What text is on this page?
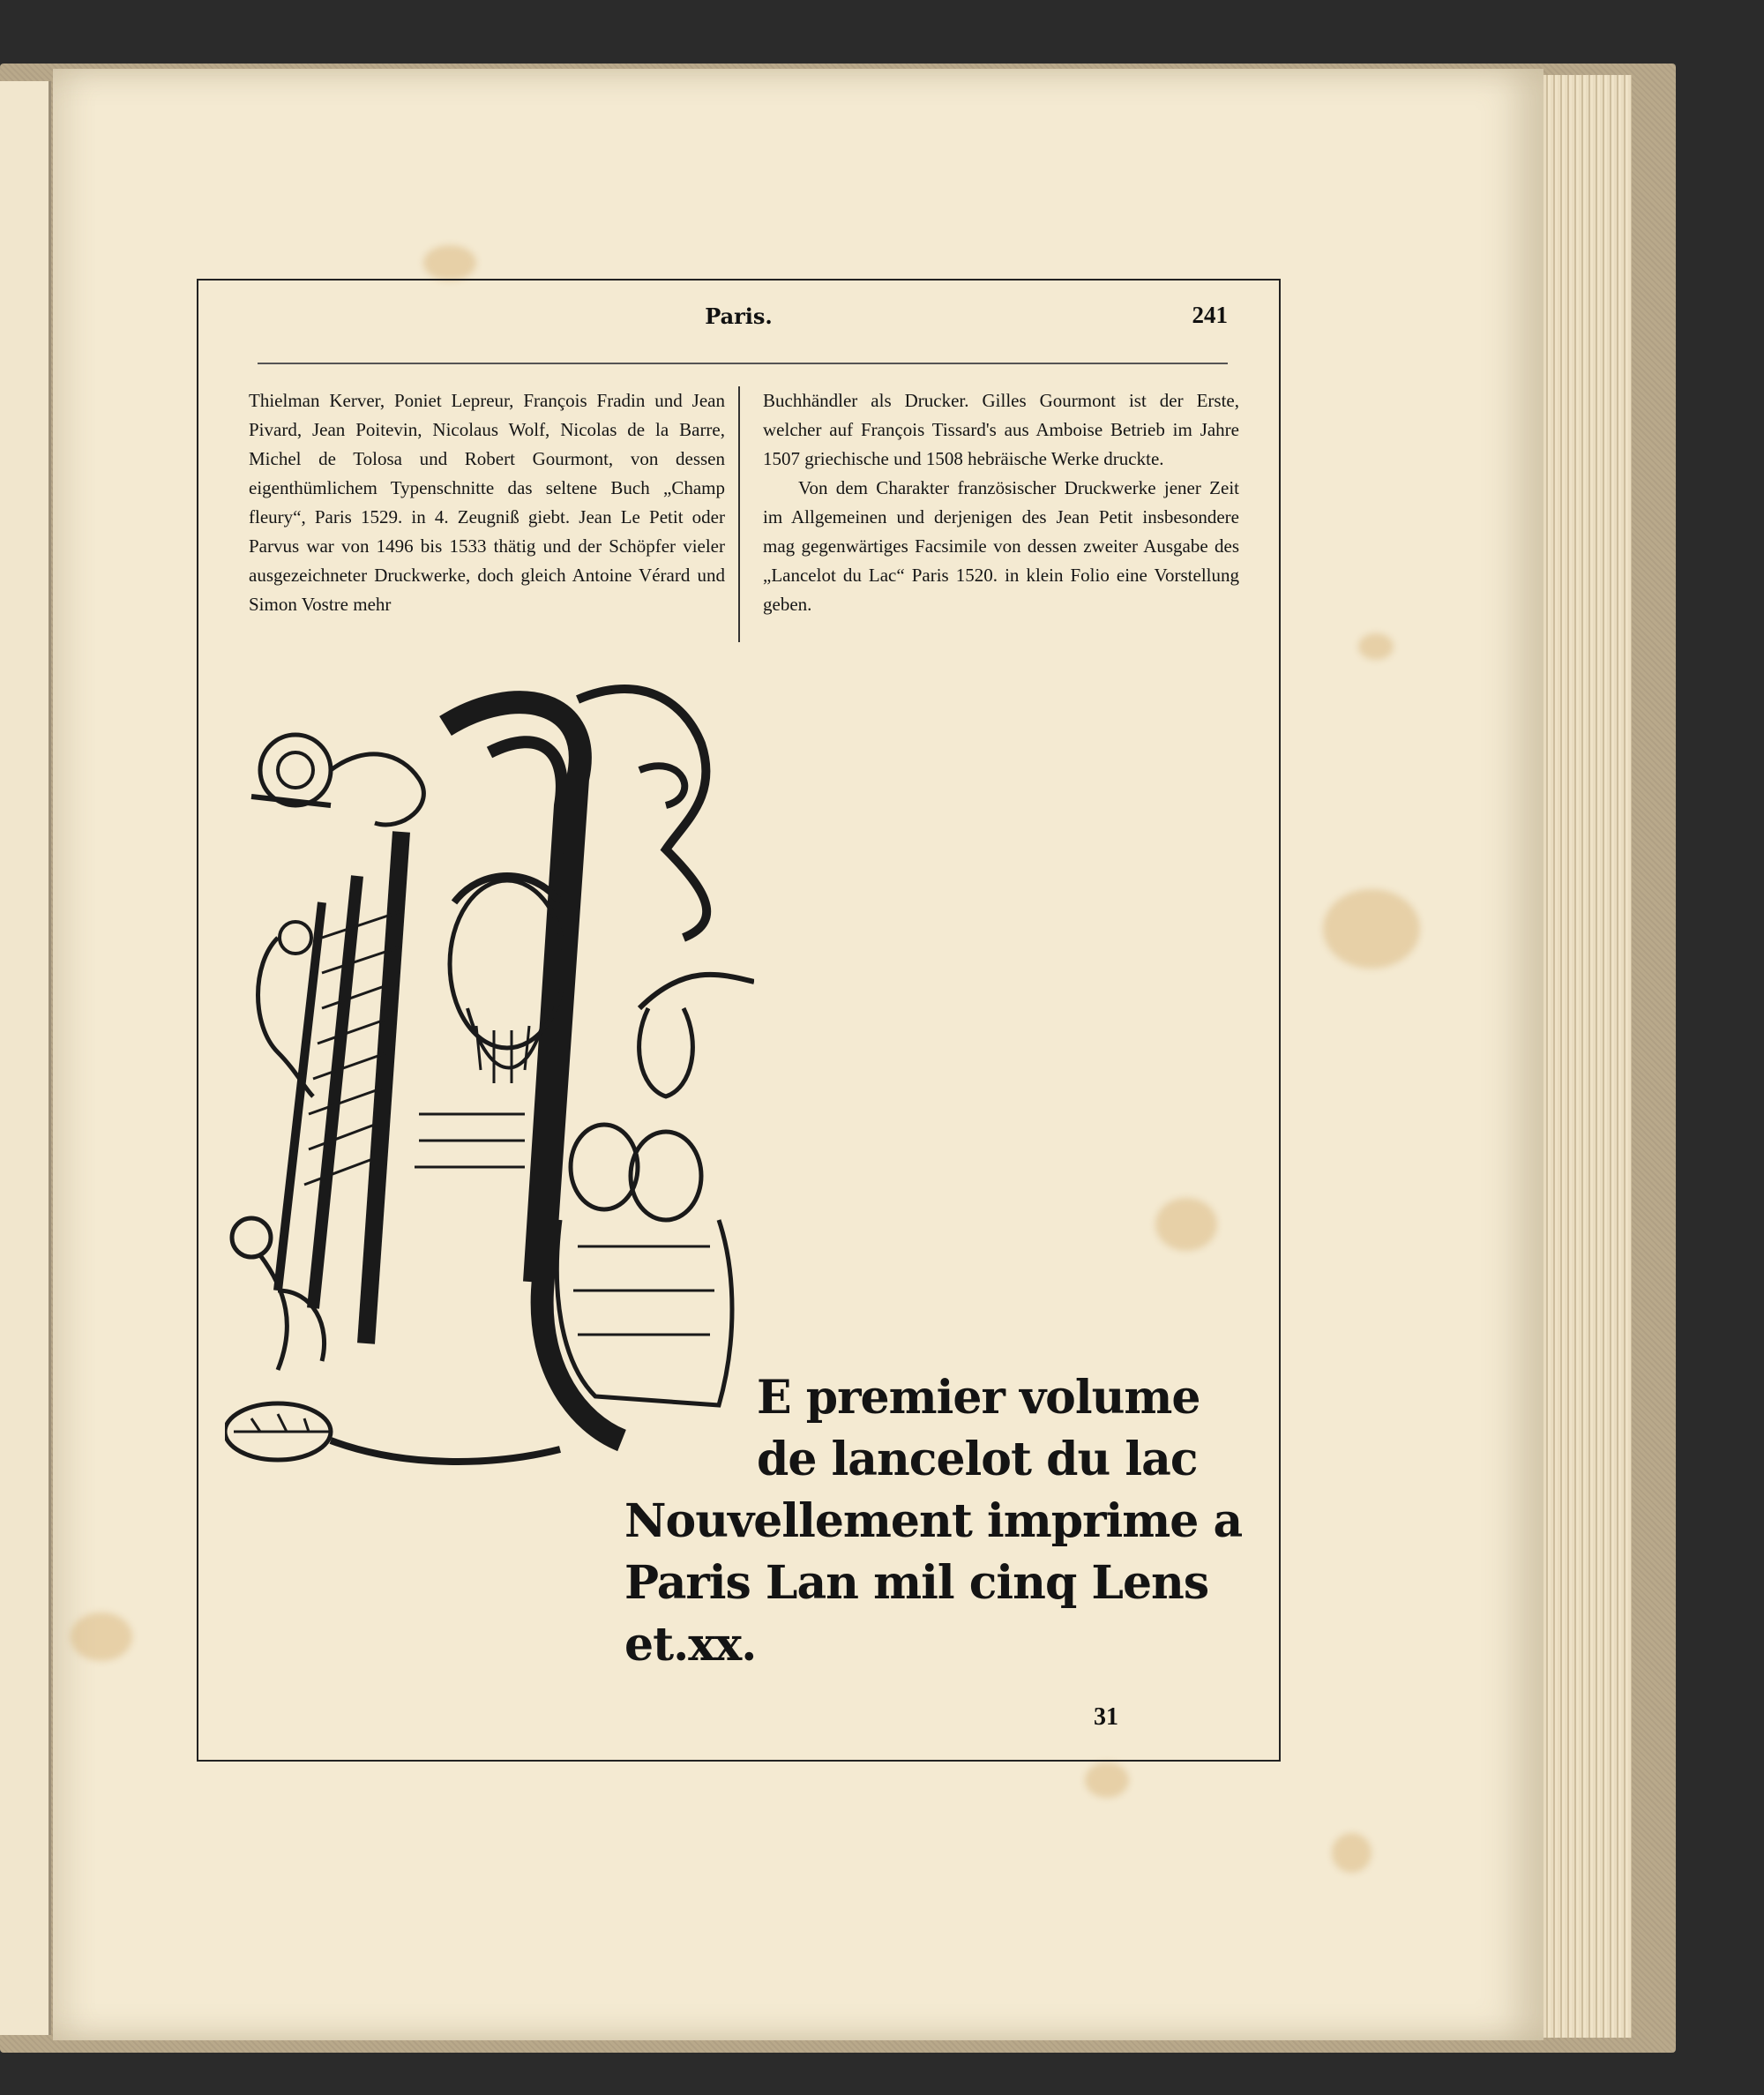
Paris.	241

Thielman Kerver, Poniet Lepreur, François Fradin und Jean Pivard, Jean Poitevin, Nicolaus Wolf, Nicolas de la Barre, Michel de Tolosa und Robert Gourmont, von dessen eigenthümlichem Typenschnitte das seltene Buch „Champ fleury“, Paris 1529. in 4. Zeugniß giebt. Jean Le Petit oder Parvus war von 1496 bis 1533 thätig und der Schöpfer vieler ausgezeichneter Druckwerke, doch gleich Antoine Vérard und Simon Vostre mehr

Buchhändler als Drucker. Gilles Gourmont ist der Erste, welcher auf François Tissard's aus Amboise Betrieb im Jahre 1507 griechische und 1508 hebräische Werke druckte.

Von dem Charakter französischer Druckwerke jener Zeit im Allgemeinen und derjenigen des Jean Petit insbesondere mag gegenwärtiges Facsimile von dessen zweiter Ausgabe des „Lancelot du Lac“ Paris 1520. in klein Folio eine Vorstellung geben.

E premier volume
de lancelot du lac
Nouvellement imprime a
Paris Lan mil cinq Lens
et.xx.
31
